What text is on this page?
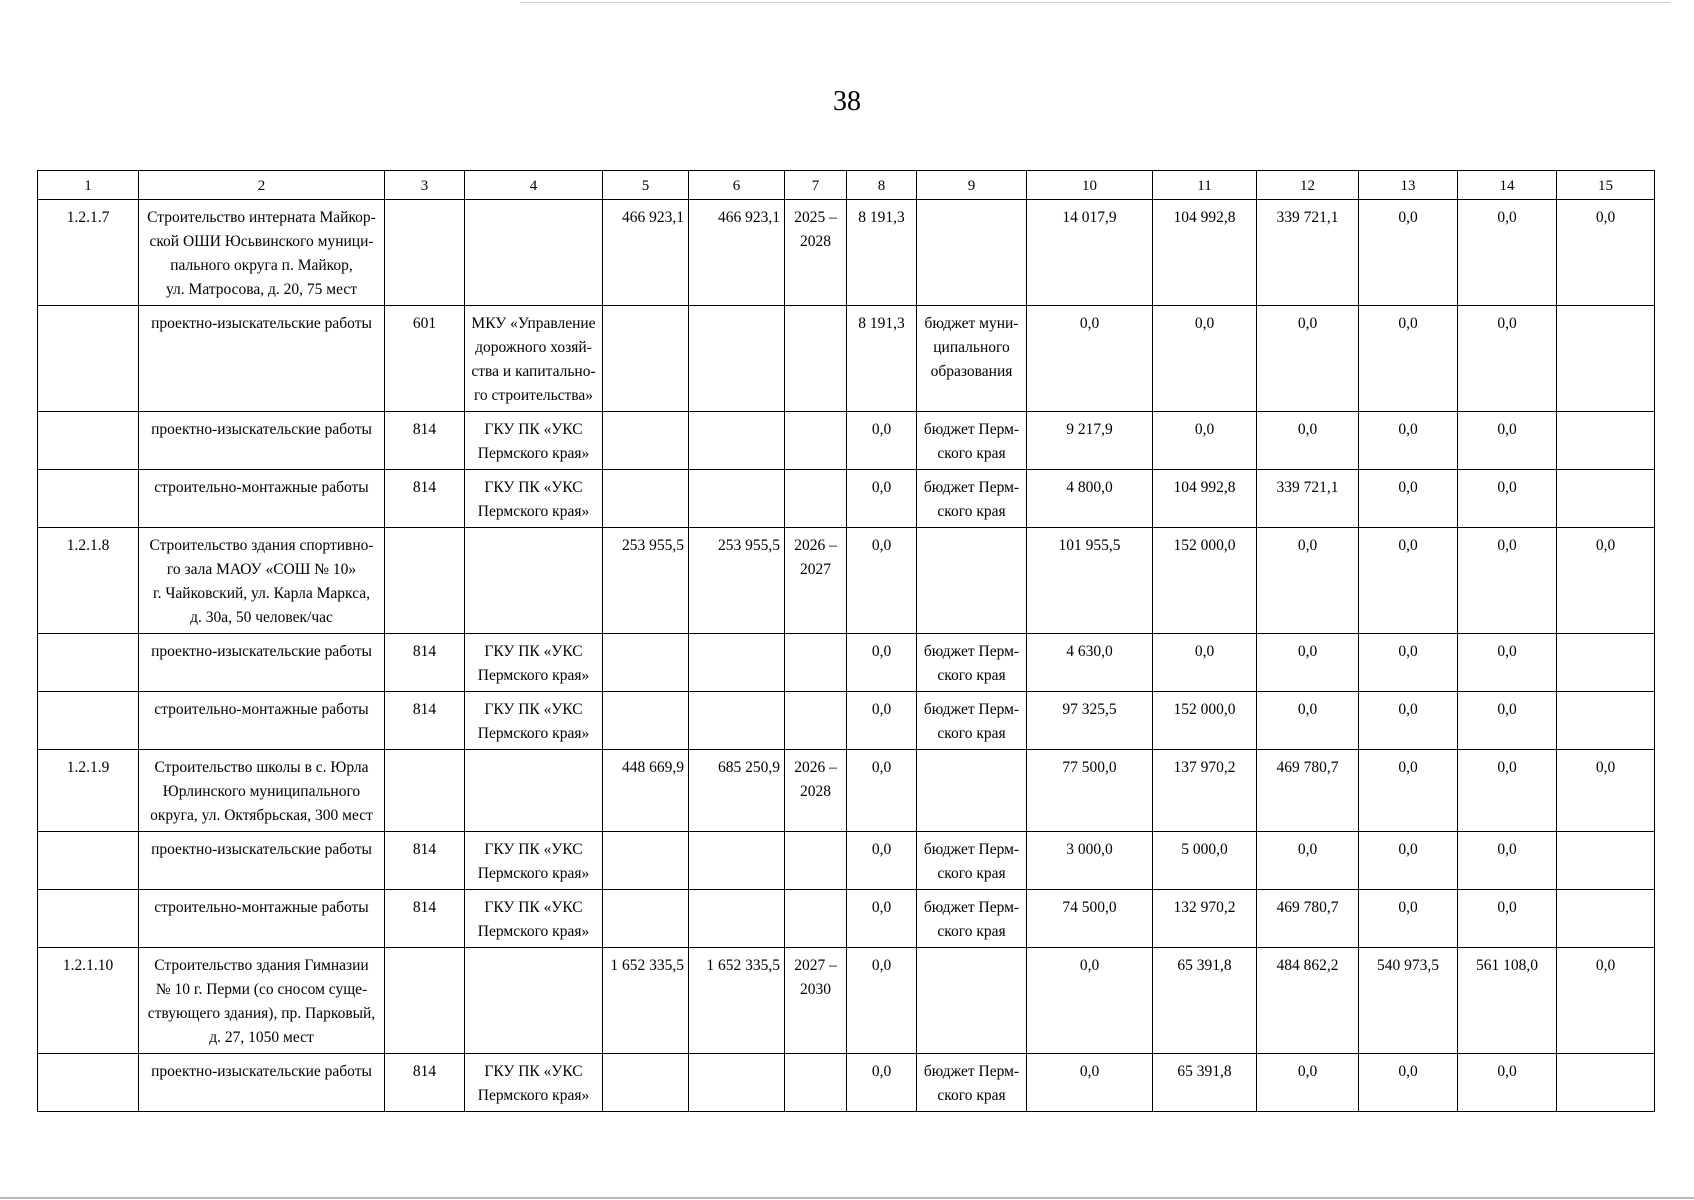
38
1	2	3	4	5	6	7	8	9	10	11	12	13	14	15
1.2.1.7	Строительство интерната Майкор-
ской ОШИ Юсьвинского муници-
пального округа п. Майкор,
ул. Матросова, д. 20, 75 мест			466 923,1	466 923,1	2025 –
2028	8 191,3		14 017,9	104 992,8	339 721,1	0,0	0,0	0,0
	проектно-изыскательские работы	601	МКУ «Управление
дорожного хозяй-
ства и капитально-
го строительства»				8 191,3	бюджет муни-
ципального
образования	0,0	0,0	0,0	0,0	0,0	
	проектно-изыскательские работы	814	ГКУ ПК «УКС
Пермского края»				0,0	бюджет Перм-
ского края	9 217,9	0,0	0,0	0,0	0,0	
	строительно-монтажные работы	814	ГКУ ПК «УКС
Пермского края»				0,0	бюджет Перм-
ского края	4 800,0	104 992,8	339 721,1	0,0	0,0	
1.2.1.8	Строительство здания спортивно-
го зала МАОУ «СОШ № 10»
г. Чайковский, ул. Карла Маркса,
д. 30а, 50 человек/час			253 955,5	253 955,5	2026 –
2027	0,0		101 955,5	152 000,0	0,0	0,0	0,0	0,0
	проектно-изыскательские работы	814	ГКУ ПК «УКС
Пермского края»				0,0	бюджет Перм-
ского края	4 630,0	0,0	0,0	0,0	0,0	
	строительно-монтажные работы	814	ГКУ ПК «УКС
Пермского края»				0,0	бюджет Перм-
ского края	97 325,5	152 000,0	0,0	0,0	0,0	
1.2.1.9	Строительство школы в с. Юрла
Юрлинского муниципального
округа, ул. Октябрьская, 300 мест			448 669,9	685 250,9	2026 –
2028	0,0		77 500,0	137 970,2	469 780,7	0,0	0,0	0,0
	проектно-изыскательские работы	814	ГКУ ПК «УКС
Пермского края»				0,0	бюджет Перм-
ского края	3 000,0	5 000,0	0,0	0,0	0,0	
	строительно-монтажные работы	814	ГКУ ПК «УКС
Пермского края»				0,0	бюджет Перм-
ского края	74 500,0	132 970,2	469 780,7	0,0	0,0	
1.2.1.10	Строительство здания Гимназии
№ 10 г. Перми (со сносом суще-
ствующего здания), пр. Парковый,
д. 27, 1050 мест			1 652 335,5	1 652 335,5	2027 –
2030	0,0		0,0	65 391,8	484 862,2	540 973,5	561 108,0	0,0
	проектно-изыскательские работы	814	ГКУ ПК «УКС
Пермского края»				0,0	бюджет Перм-
ского края	0,0	65 391,8	0,0	0,0	0,0	
